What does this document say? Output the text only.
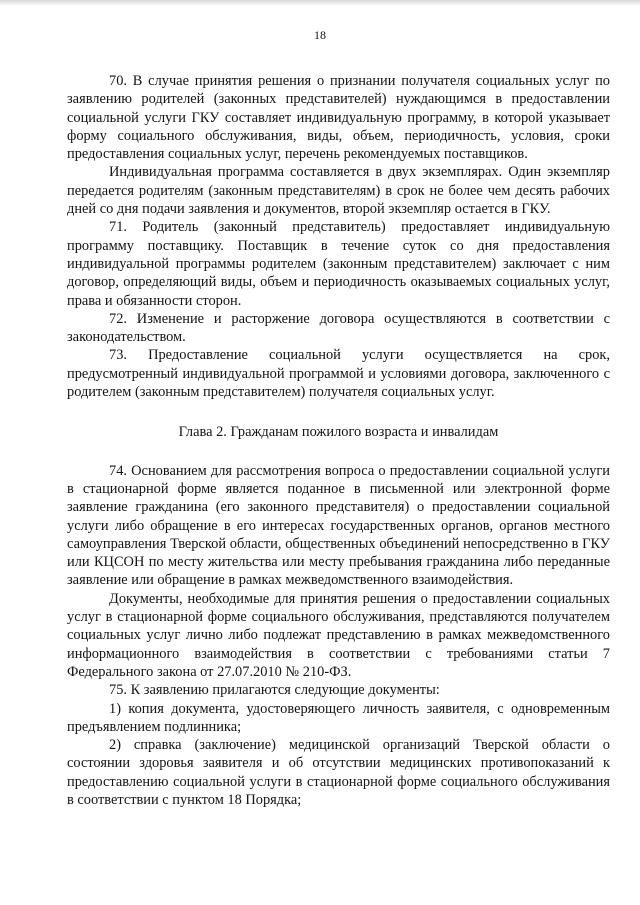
18

70. В случае принятия решения о признании получателя социальных услуг по заявлению родителей (законных представителей) нуждающимся в предоставлении социальной услуги ГКУ составляет индивидуальную программу, в которой указывает форму социального обслуживания, виды, объем, периодичность, условия, сроки предоставления социальных услуг, перечень рекомендуемых поставщиков.

Индивидуальная программа составляется в двух экземплярах. Один экземпляр передается родителям (законным представителям) в срок не более чем десять рабочих дней со дня подачи заявления и документов, второй экземпляр остается в ГКУ.

71. Родитель (законный представитель) предоставляет индивидуальную программу поставщику. Поставщик в течение суток со дня предоставления индивидуальной программы родителем (законным представителем) заключает с ним договор, определяющий виды, объем и периодичность оказываемых социальных услуг, права и обязанности сторон.

72. Изменение и расторжение договора осуществляются в соответствии с законодательством.

73. Предоставление социальной услуги осуществляется на срок, предусмотренный индивидуальной программой и условиями договора, заключенного с родителем (законным представителем) получателя социальных услуг.

Глава 2. Гражданам пожилого возраста и инвалидам

74. Основанием для рассмотрения вопроса о предоставлении социальной услуги в стационарной форме является поданное в письменной или электронной форме заявление гражданина (его законного представителя) о предоставлении социальной услуги либо обращение в его интересах государственных органов, органов местного самоуправления Тверской области, общественных объединений непосредственно в ГКУ или КЦСОН по месту жительства или месту пребывания гражданина либо переданные заявление или обращение в рамках межведомственного взаимодействия.

Документы, необходимые для принятия решения о предоставлении социальных услуг в стационарной форме социального обслуживания, представляются получателем социальных услуг лично либо подлежат представлению в рамках межведомственного информационного взаимодействия в соответствии с требованиями статьи 7 Федерального закона от 27.07.2010 № 210-ФЗ.

75. К заявлению прилагаются следующие документы:

1) копия документа, удостоверяющего личность заявителя, с одновременным предъявлением подлинника;

2) справка (заключение) медицинской организаций Тверской области о состоянии здоровья заявителя и об отсутствии медицинских противопоказаний к предоставлению социальной услуги в стационарной форме социального обслуживания в соответствии с пунктом 18 Порядка;
